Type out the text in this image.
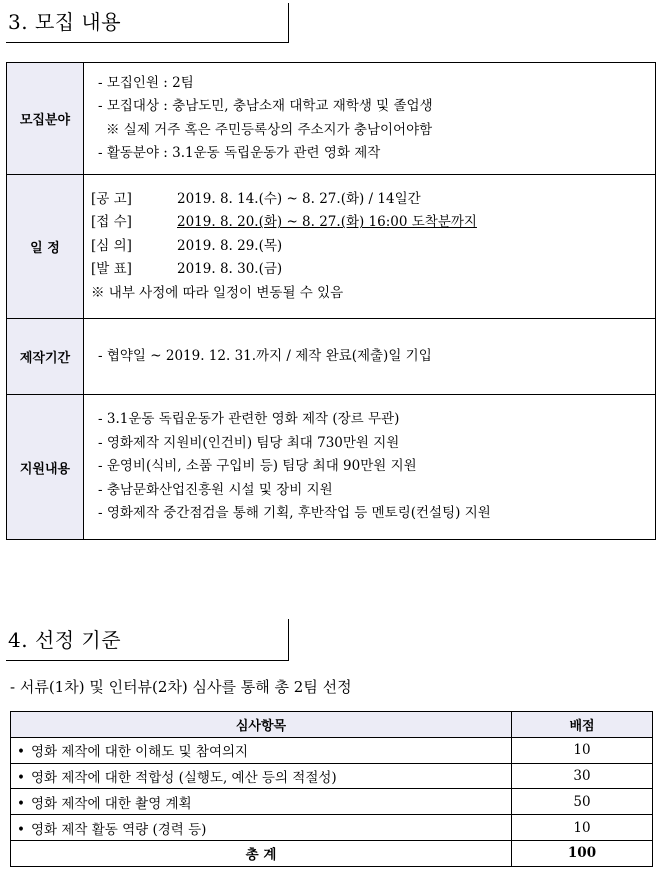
3. 모집 내용
모집분야	- 모집인원 : 2팀
- 모집대상 : 충남도민, 충남소재 대학교 재학생 및 졸업생
※ 실제 거주 혹은 주민등록상의 주소지가 충남이어야함
- 활동분야 : 3.1운동 독립운동가 관련 영화 제작

일 정	[공 고] 2019. 8. 14.(수) ~ 8. 27.(화) / 14일간
[접 수] 2019. 8. 20.(화) ~ 8. 27.(화) 16:00 도착분까지
[심 의] 2019. 8. 29.(목)
[발 표] 2019. 8. 30.(금)
※ 내부 사정에 따라 일정이 변동될 수 있음

제작기간	- 협약일 ~ 2019. 12. 31.까지 / 제작 완료(제출)일 기입

지원내용	- 3.1운동 독립운동가 관련한 영화 제작 (장르 무관)
- 영화제작 지원비(인건비) 팀당 최대 730만원 지원
- 운영비(식비, 소품 구입비 등) 팀당 최대 90만원 지원
- 충남문화산업진흥원 시설 및 장비 지원
- 영화제작 중간점검을 통해 기획, 후반작업 등 멘토링(컨설팅) 지원
4. 선정 기준
- 서류(1차) 및 인터뷰(2차) 심사를 통해 총 2팀 선정
심사항목	배점
• 영화 제작에 대한 이해도 및 참여의지	10
• 영화 제작에 대한 적합성 (실행도, 예산 등의 적절성)	30
• 영화 제작에 대한 촬영 계획	50
• 영화 제작 활동 역량 (경력 등)	10
총 계	100
